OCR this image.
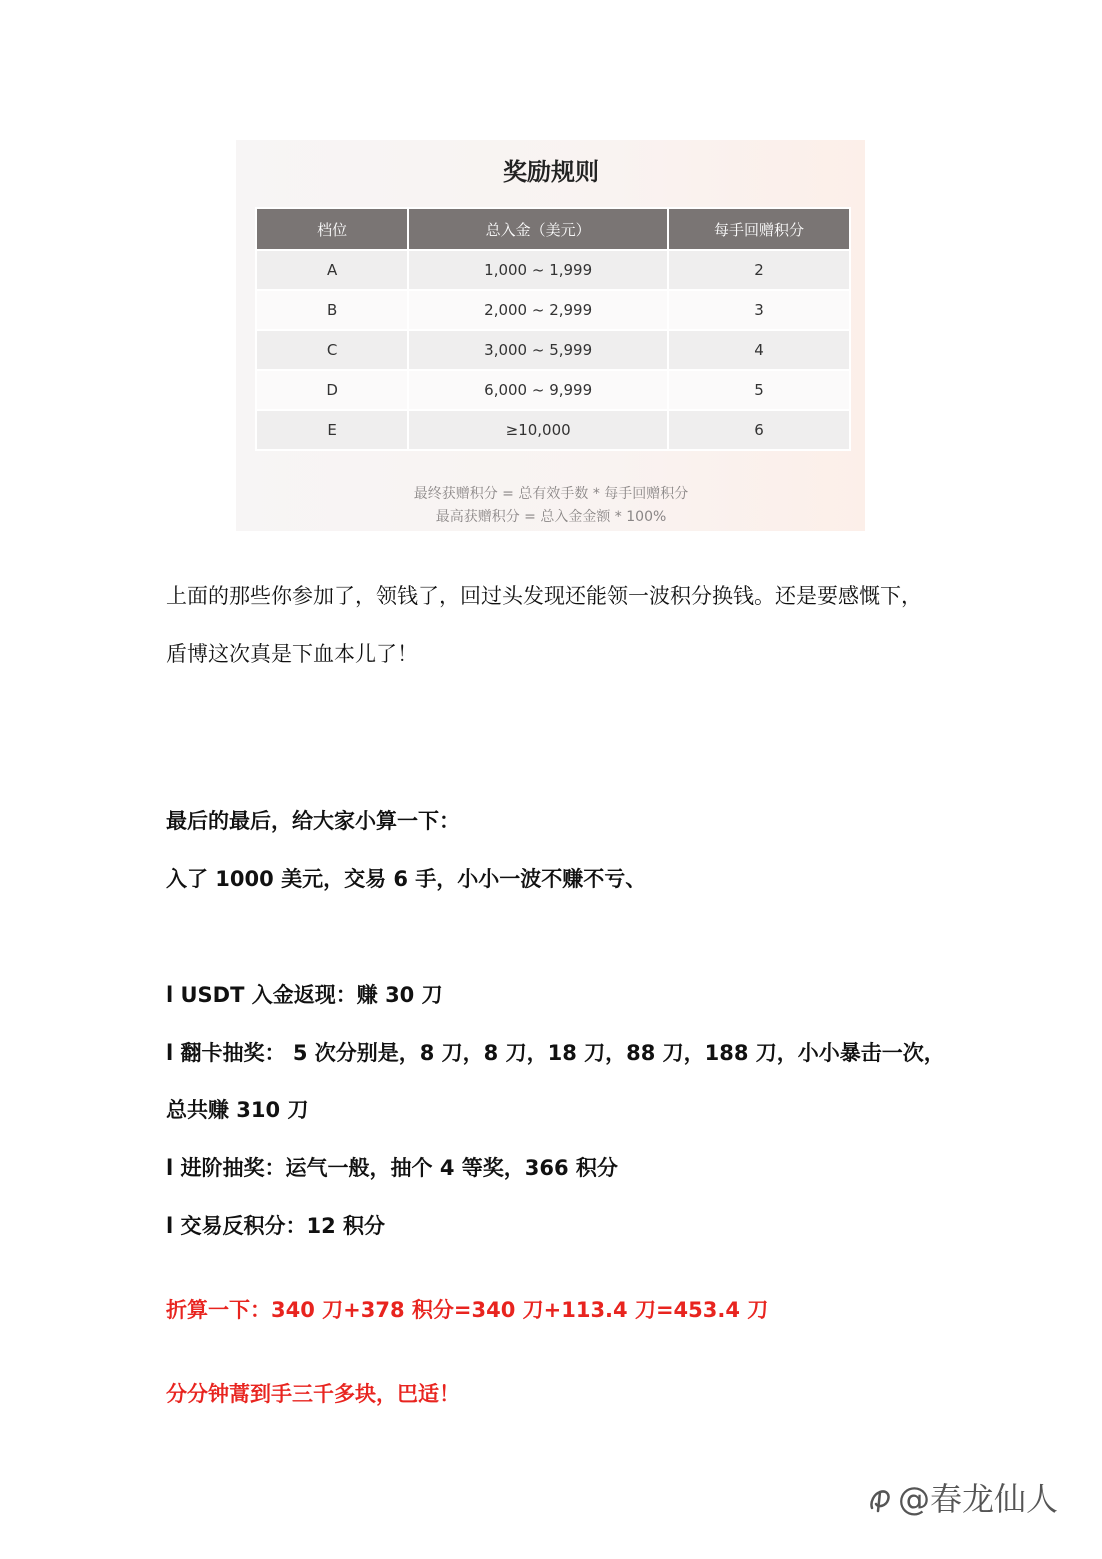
奖励规则
档位	总入金（美元）	每手回赠积分
A	1,000 ~ 1,999	2
B	2,000 ~ 2,999	3
C	3,000 ~ 5,999	4
D	6,000 ~ 9,999	5
E	≥10,000	6
最终获赠积分 = 总有效手数 * 每手回赠积分
最高获赠积分 = 总入金金额 * 100%
上面的那些你参加了，领钱了，回过头发现还能领一波积分换钱。还是要感慨下，
盾博这次真是下血本儿了！
最后的最后，给大家小算一下：
入了 1000 美元，交易 6 手，小小一波不赚不亏、
l USDT 入金返现：赚 30 刀
l 翻卡抽奖： 5 次分别是，8 刀，8 刀，18 刀，88 刀，188 刀，小小暴击一次，
总共赚 310 刀
l 进阶抽奖：运气一般，抽个 4 等奖，366 积分
l 交易反积分：12 积分
折算一下：340 刀+378 积分=340 刀+113.4 刀=453.4 刀
分分钟蒿到手三千多块，巴适！
@春龙仙人
